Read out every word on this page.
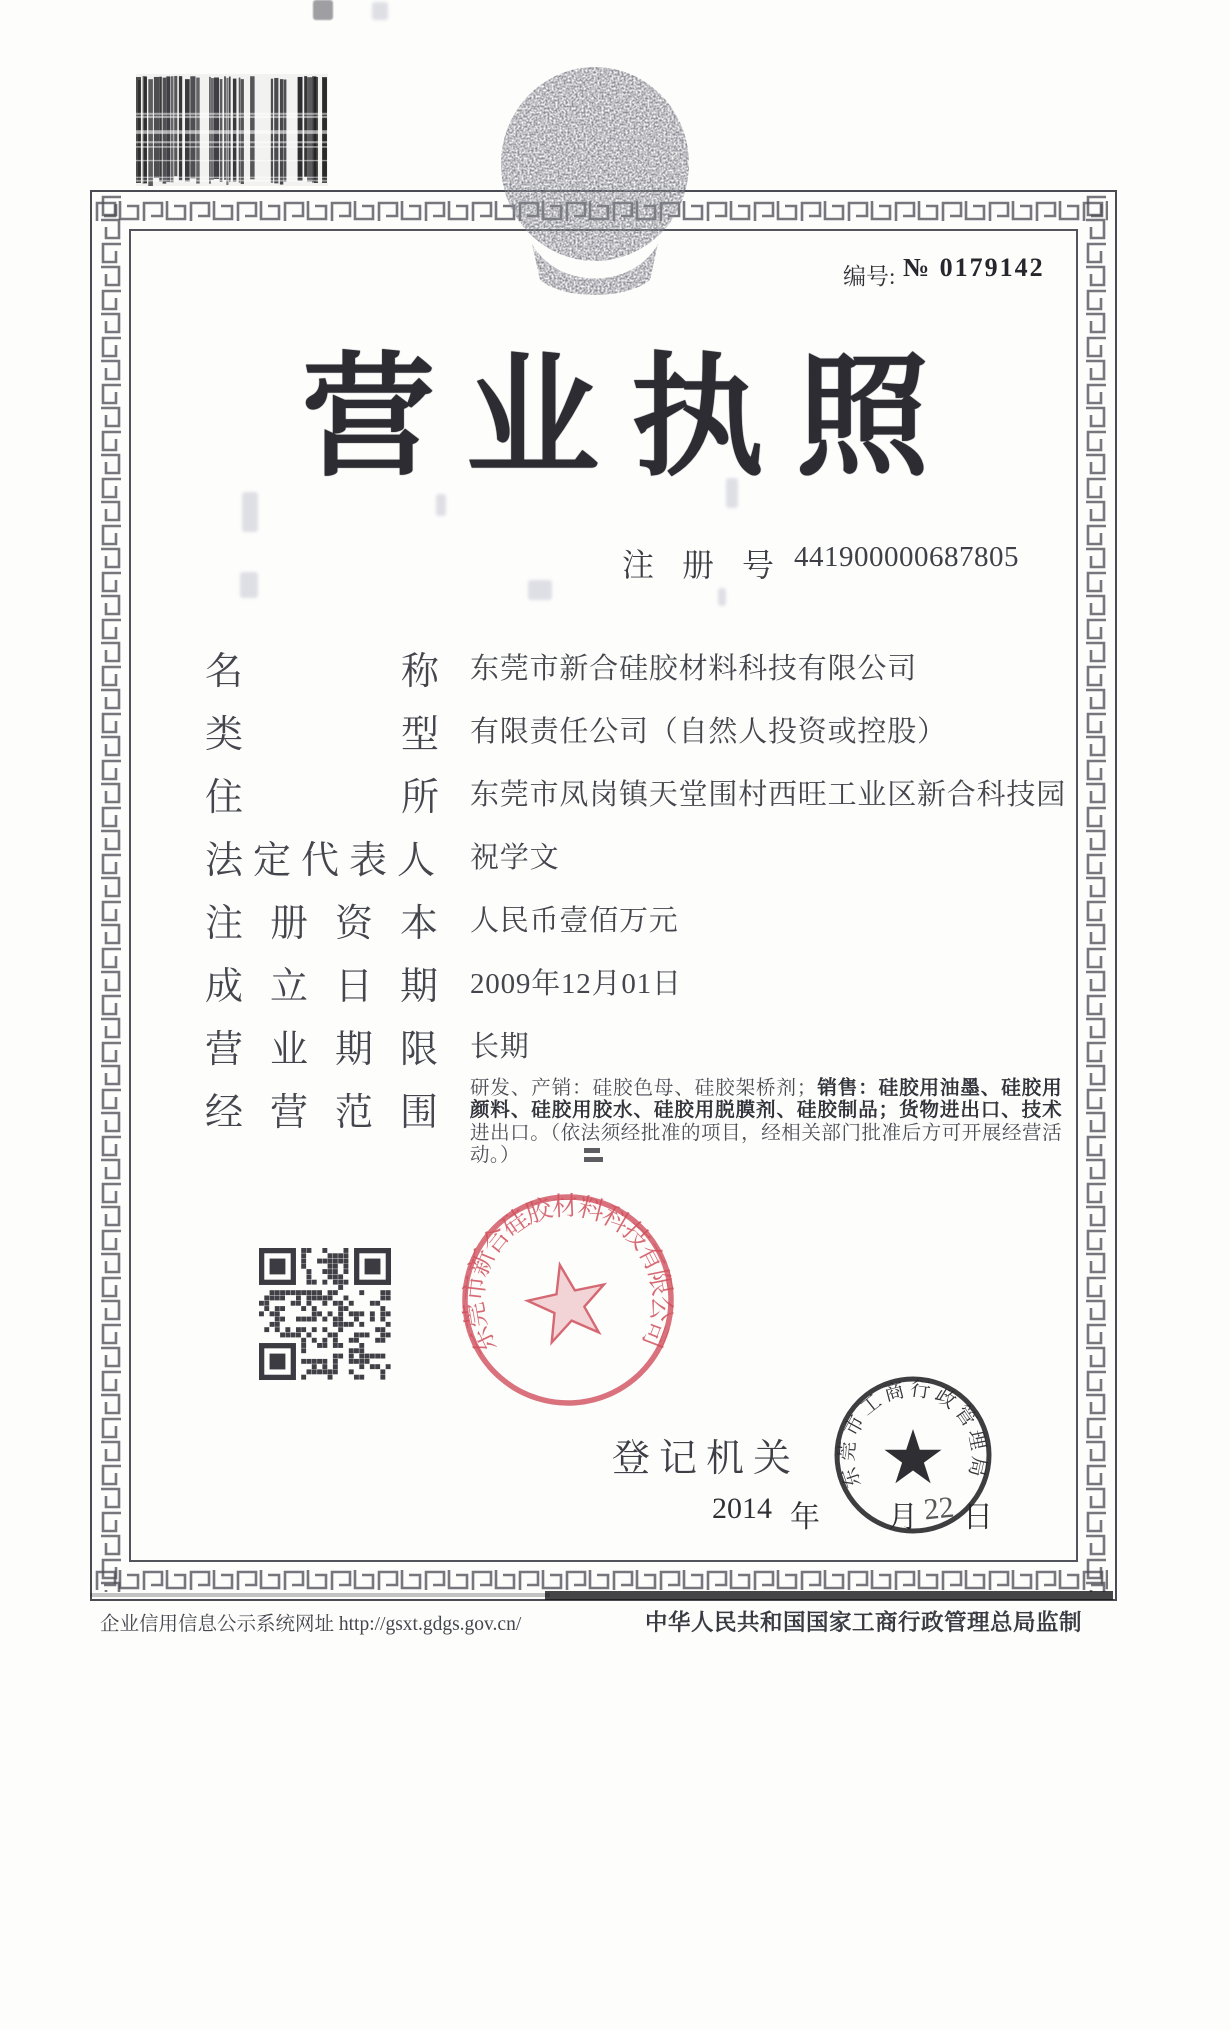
编号: № 0179142
营 业 执 照
注册号
441900000687805
名称
东莞市新合硅胶材料科技有限公司
类型
有限责任公司（自然人投资或控股）
住所
东莞市凤岗镇天堂围村西旺工业区新合科技园
法定代表人 祝学文
注册资本 人民币壹佰万元
成立日期 2009年12月01日
营业期限 长期
经营范围
研发、产销：硅胶色母、硅胶架桥剂；销售：硅胶用油墨、硅胶用颜料、硅胶用胶水、硅胶用脱膜剂、硅胶制品；货物进出口、技术进出口。（依法须经批准的项目，经相关部门批准后方可开展经营活动。）
东莞市新合硅胶材料科技有限公司
登记机关
2014 年 月 22 日
东莞市工商行政管理局
企业信用信息公示系统网址 http://gsxt.gdgs.gov.cn/	中华人民共和国国家工商行政管理总局监制
